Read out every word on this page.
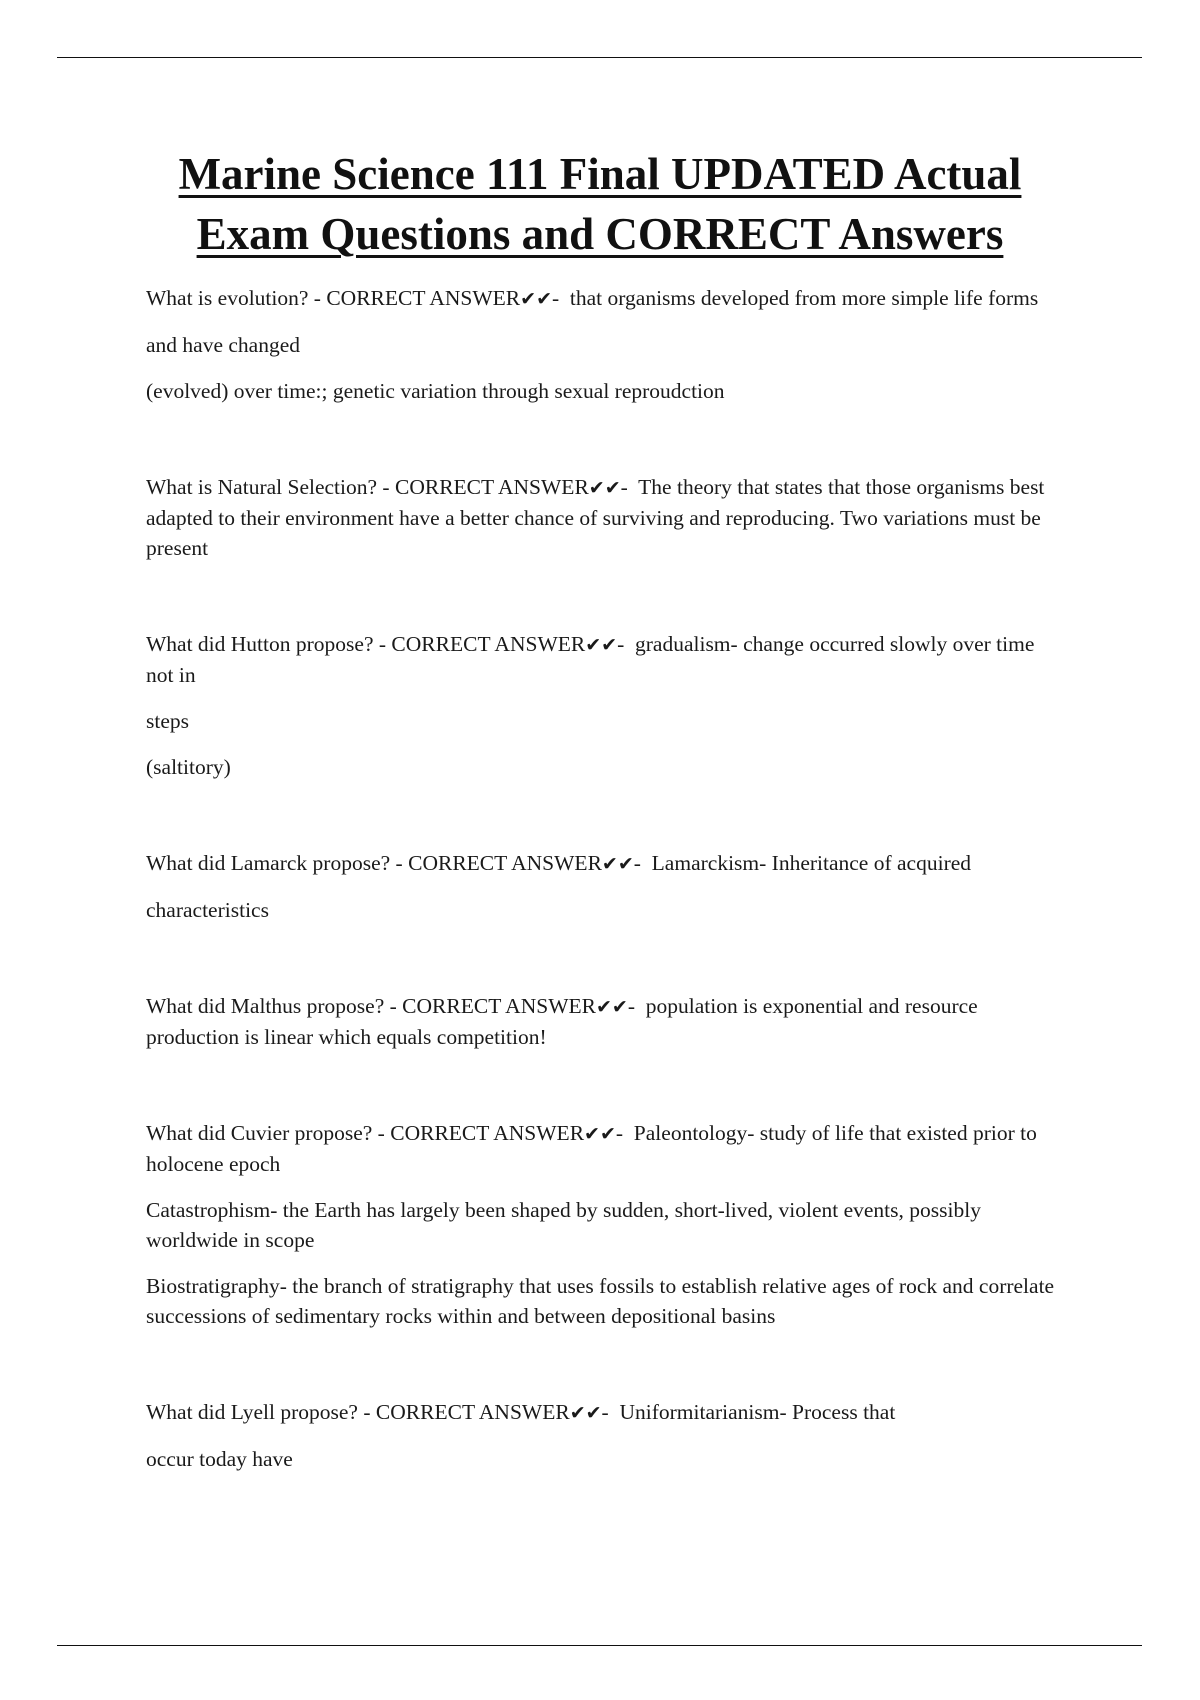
Marine Science 111 Final UPDATED Actual
Exam Questions and CORRECT Answers

What is evolution? - CORRECT ANSWER✔✔- that organisms developed from more simple life forms

and have changed

(evolved) over time:; genetic variation through sexual reproudction

What is Natural Selection? - CORRECT ANSWER✔✔- The theory that states that those organisms best adapted to their environment have a better chance of surviving and reproducing. Two variations must be present

What did Hutton propose? - CORRECT ANSWER✔✔- gradualism- change occurred slowly over time not in

steps

(saltitory)

What did Lamarck propose? - CORRECT ANSWER✔✔- Lamarckism- Inheritance of acquired

characteristics

What did Malthus propose? - CORRECT ANSWER✔✔- population is exponential and resource production is linear which equals competition!

What did Cuvier propose? - CORRECT ANSWER✔✔- Paleontology- study of life that existed prior to holocene epoch

Catastrophism- the Earth has largely been shaped by sudden, short-lived, violent events, possibly worldwide in scope

Biostratigraphy- the branch of stratigraphy that uses fossils to establish relative ages of rock and correlate successions of sedimentary rocks within and between depositional basins

What did Lyell propose? - CORRECT ANSWER✔✔- Uniformitarianism- Process that

occur today have
